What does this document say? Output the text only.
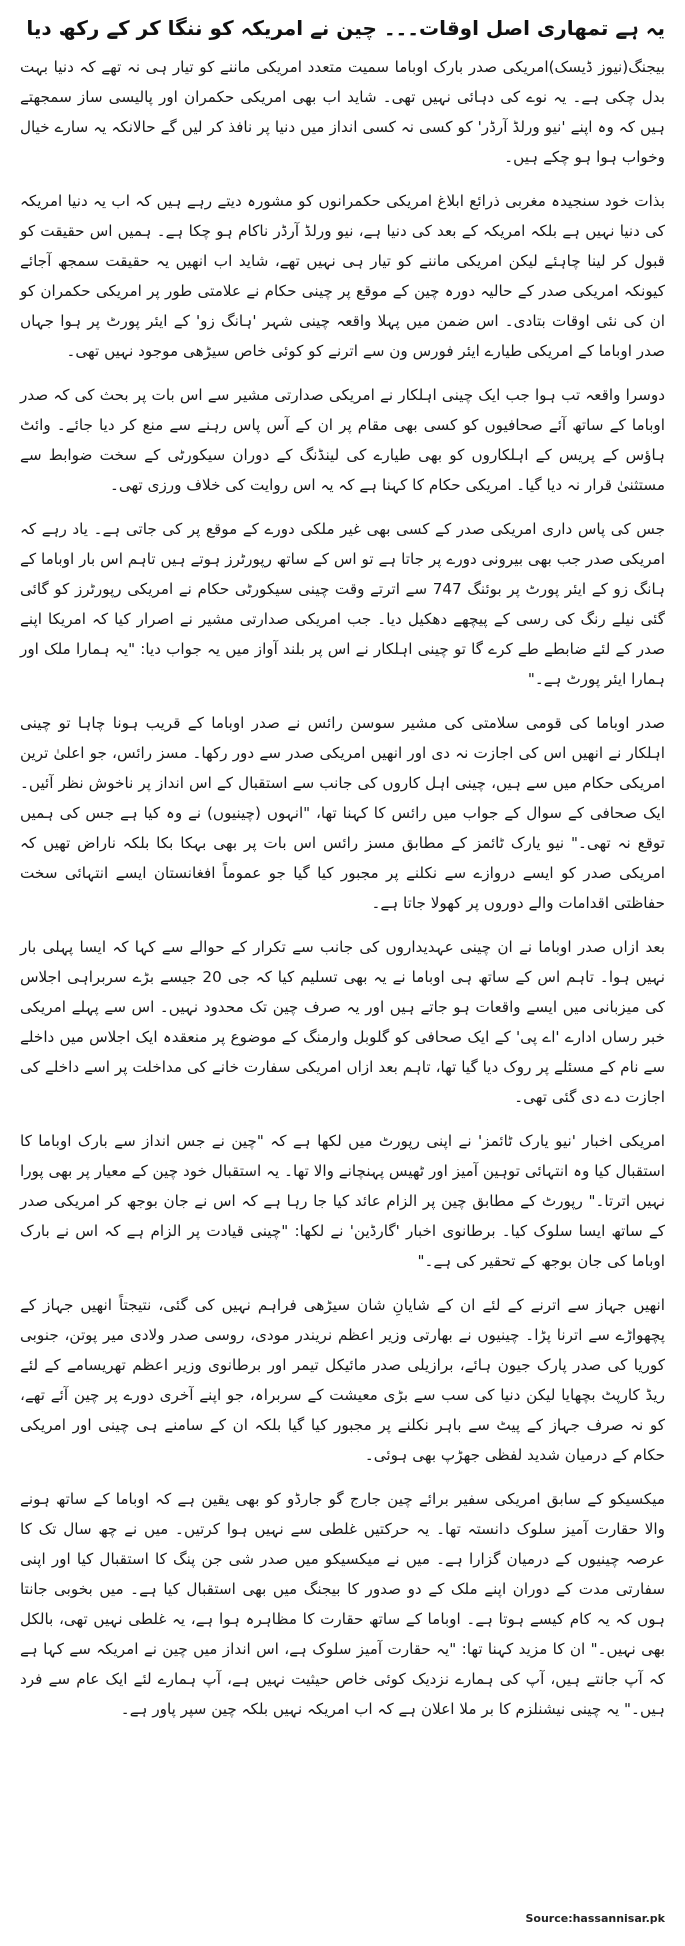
یہ ہے تمھاری اصل اوقات۔۔۔ چین نے امریکہ کو ننگا کر کے رکھ دیا

بیجنگ(نیوز ڈیسک)امریکی صدر بارک اوباما سمیت متعدد امریکی ماننے کو تیار ہی نہ تھے کہ دنیا بہت بدل چکی ہے۔ یہ نوے کی دہائی نہیں تھی۔ شاید اب بھی امریکی حکمران اور پالیسی ساز سمجھتے ہیں کہ وہ اپنے 'نیو ورلڈ آرڈر' کو کسی نہ کسی انداز میں دنیا پر نافذ کر لیں گے حالانکہ یہ سارے خیال وخواب ہوا ہو چکے ہیں۔

بذات خود سنجیدہ مغربی ذرائع ابلاغ امریکی حکمرانوں کو مشورہ دیتے رہے ہیں کہ اب یہ دنیا امریکہ کی دنیا نہیں ہے بلکہ امریکہ کے بعد کی دنیا ہے، نیو ورلڈ آرڈر ناکام ہو چکا ہے۔ ہمیں اس حقیقت کو قبول کر لینا چاہئے لیکن امریکی ماننے کو تیار ہی نہیں تھے، شاید اب انھیں یہ حقیقت سمجھ آجائے کیونکہ امریکی صدر کے حالیہ دورہ چین کے موقع پر چینی حکام نے علامتی طور پر امریکی حکمران کو ان کی نئی اوقات بتادی۔ اس ضمن میں پہلا واقعہ چینی شہر 'ہانگ زو' کے ایئر پورٹ پر ہوا جہاں صدر اوباما کے امریکی طیارے ایئر فورس ون سے اترنے کو کوئی خاص سیڑھی موجود نہیں تھی۔

دوسرا واقعہ تب ہوا جب ایک چینی اہلکار نے امریکی صدارتی مشیر سے اس بات پر بحث کی کہ صدر اوباما کے ساتھ آئے صحافیوں کو کسی بھی مقام پر ان کے آس پاس رہنے سے منع کر دیا جائے۔ وائٹ ہاؤس کے پریس کے اہلکاروں کو بھی طیارے کی لینڈنگ کے دوران سیکورٹی کے سخت ضوابط سے مستثنیٰ قرار نہ دیا گیا۔ امریکی حکام کا کہنا ہے کہ یہ اس روایت کی خلاف ورزی تھی۔

جس کی پاس داری امریکی صدر کے کسی بھی غیر ملکی دورے کے موقع پر کی جاتی ہے۔ یاد رہے کہ امریکی صدر جب بھی بیرونی دورے پر جاتا ہے تو اس کے ساتھ رپورٹرز ہوتے ہیں تاہم اس بار اوباما کے ہانگ زو کے ایئر پورٹ پر بوئنگ 747 سے اترتے وقت چینی سیکورٹی حکام نے امریکی رپورٹرز کو گائی گئی نیلے رنگ کی رسی کے پیچھے دھکیل دیا۔ جب امریکی صدارتی مشیر نے اصرار کیا کہ امریکا اپنے صدر کے لئے ضابطے طے کرے گا تو چینی اہلکار نے اس پر بلند آواز میں یہ جواب دیا: "یہ ہمارا ملک اور ہمارا ایئر پورٹ ہے۔"

صدر اوباما کی قومی سلامتی کی مشیر سوسن رائس نے صدر اوباما کے قریب ہونا چاہا تو چینی اہلکار نے انھیں اس کی اجازت نہ دی اور انھیں امریکی صدر سے دور رکھا۔ مسز رائس، جو اعلیٰ ترین امریکی حکام میں سے ہیں، چینی اہل کاروں کی جانب سے استقبال کے اس انداز پر ناخوش نظر آئیں۔ ایک صحافی کے سوال کے جواب میں رائس کا کہنا تھا، "انہوں (چینیوں) نے وہ کیا ہے جس کی ہمیں توقع نہ تھی۔" نیو یارک ٹائمز کے مطابق مسز رائس اس بات پر بھی بہکا بکا بلکہ ناراض تھیں کہ امریکی صدر کو ایسے دروازے سے نکلنے پر مجبور کیا گیا جو عموماً افغانستان ایسے انتہائی سخت حفاظتی اقدامات والے دوروں پر کھولا جاتا ہے۔

بعد ازاں صدر اوباما نے ان چینی عہدیداروں کی جانب سے تکرار کے حوالے سے کہا کہ ایسا پہلی بار نہیں ہوا۔ تاہم اس کے ساتھ ہی اوباما نے یہ بھی تسلیم کیا کہ جی 20 جیسے بڑے سربراہی اجلاس کی میزبانی میں ایسے واقعات ہو جاتے ہیں اور یہ صرف چین تک محدود نہیں۔ اس سے پہلے امریکی خبر رساں ادارے 'اے پی' کے ایک صحافی کو گلوبل وارمنگ کے موضوع پر منعقدہ ایک اجلاس میں داخلے سے نام کے مسئلے پر روک دیا گیا تھا، تاہم بعد ازاں امریکی سفارت خانے کی مداخلت پر اسے داخلے کی اجازت دے دی گئی تھی۔

امریکی اخبار 'نیو یارک ٹائمز' نے اپنی رپورٹ میں لکھا ہے کہ "چین نے جس انداز سے بارک اوباما کا استقبال کیا وہ انتہائی توہین آمیز اور ٹھیس پہنچانے والا تھا۔ یہ استقبال خود چین کے معیار پر بھی پورا نہیں اترتا۔" رپورٹ کے مطابق چین پر الزام عائد کیا جا رہا ہے کہ اس نے جان بوجھ کر امریکی صدر کے ساتھ ایسا سلوک کیا۔ برطانوی اخبار 'گارڈین' نے لکھا: "چینی قیادت پر الزام ہے کہ اس نے بارک اوباما کی جان بوجھ کے تحقیر کی ہے۔"

انھیں جہاز سے اترنے کے لئے ان کے شایانِ شان سیڑھی فراہم نہیں کی گئی، نتیجتاً انھیں جہاز کے پچھواڑے سے اترنا پڑا۔ چینیوں نے بھارتی وزیر اعظم نریندر مودی، روسی صدر ولادی میر پوتن، جنوبی کوریا کی صدر پارک جیون ہائے، برازیلی صدر مائیکل تیمر اور برطانوی وزیر اعظم تھریسامے کے لئے ریڈ کارپٹ بچھایا لیکن دنیا کی سب سے بڑی معیشت کے سربراہ، جو اپنے آخری دورے پر چین آئے تھے، کو نہ صرف جہاز کے پیٹ سے باہر نکلنے پر مجبور کیا گیا بلکہ ان کے سامنے ہی چینی اور امریکی حکام کے درمیان شدید لفظی جھڑپ بھی ہوئی۔

میکسیکو کے سابق امریکی سفیر برائے چین جارج گو جارڈو کو بھی یقین ہے کہ اوباما کے ساتھ ہونے والا حقارت آمیز سلوک دانستہ تھا۔ یہ حرکتیں غلطی سے نہیں ہوا کرتیں۔ میں نے چھ سال تک کا عرصہ چینیوں کے درمیان گزارا ہے۔ میں نے میکسیکو میں صدر شی جن پنگ کا استقبال کیا اور اپنی سفارتی مدت کے دوران اپنے ملک کے دو صدور کا بیجنگ میں بھی استقبال کیا ہے۔ میں بخوبی جانتا ہوں کہ یہ کام کیسے ہوتا ہے۔ اوباما کے ساتھ حقارت کا مظاہرہ ہوا ہے، یہ غلطی نہیں تھی، بالکل بھی نہیں۔" ان کا مزید کہنا تھا: "یہ حقارت آمیز سلوک ہے، اس انداز میں چین نے امریکہ سے کہا ہے کہ آپ جانتے ہیں، آپ کی ہمارے نزدیک کوئی خاص حیثیت نہیں ہے، آپ ہمارے لئے ایک عام سے فرد ہیں۔" یہ چینی نیشنلزم کا بر ملا اعلان ہے کہ اب امریکہ نہیں بلکہ چین سپر پاور ہے۔

Source:hassannisar.pk
